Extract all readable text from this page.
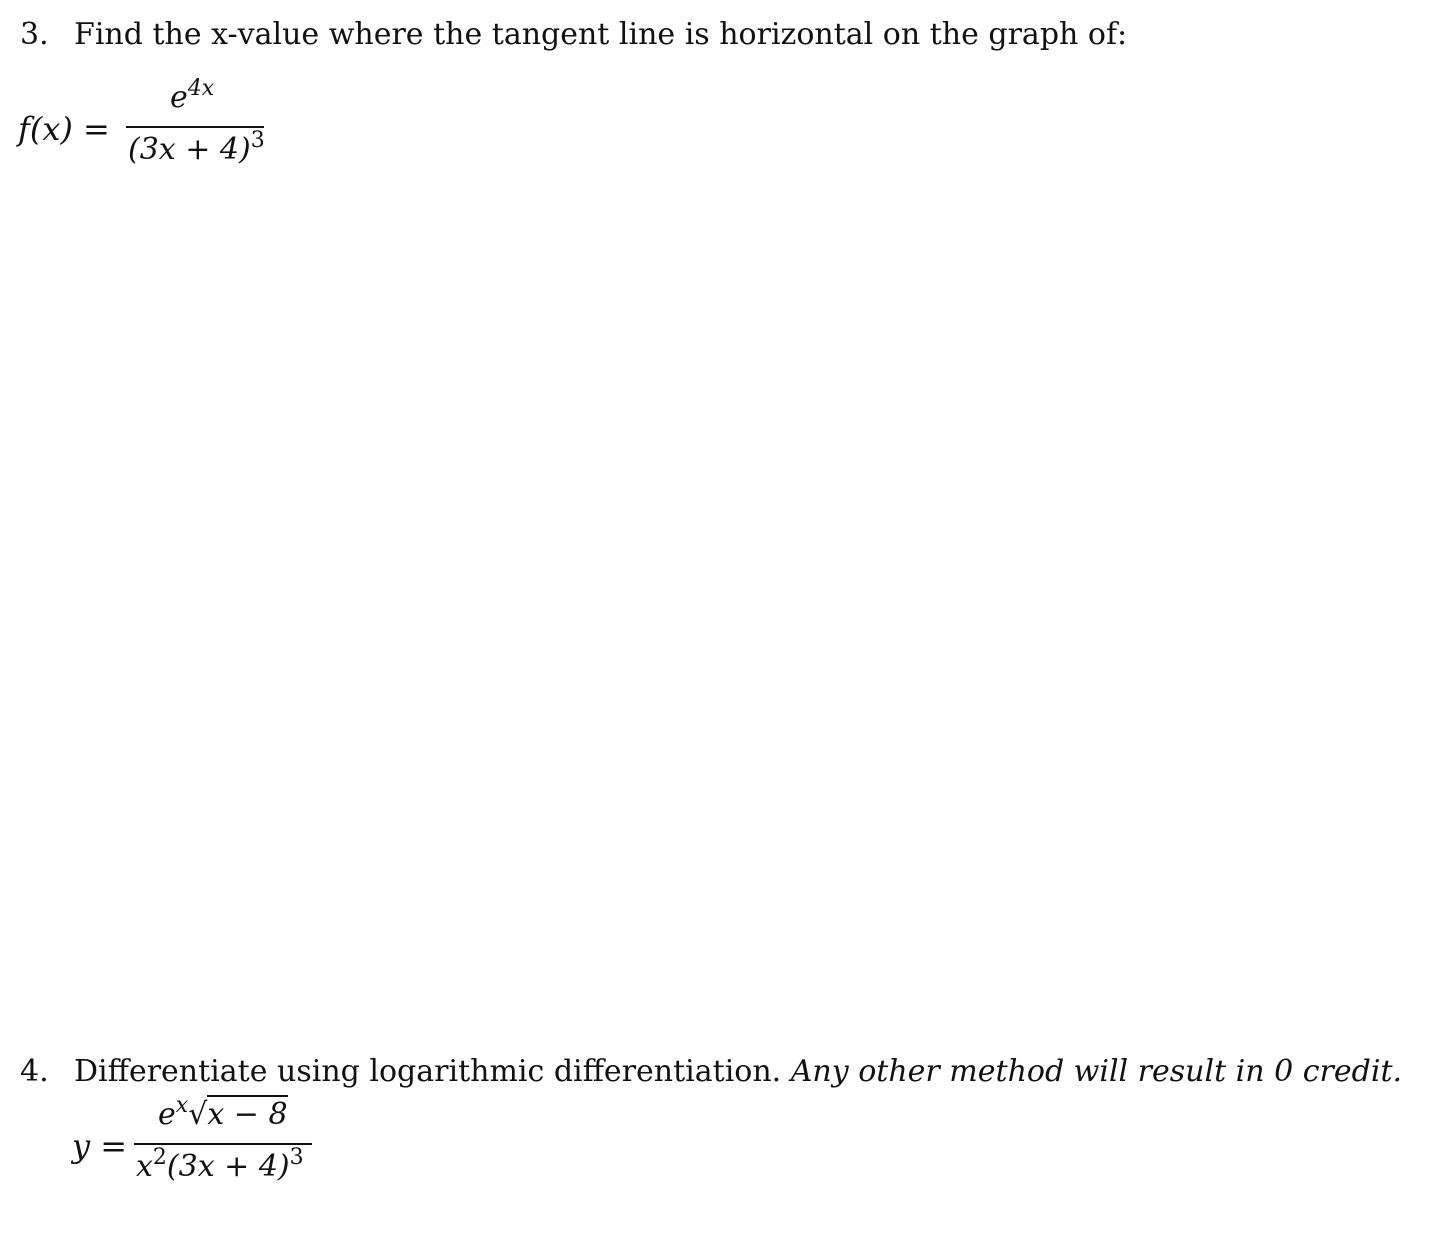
3. Find the x-value where the tangent line is horizontal on the graph of:
f(x) =
$e^{4x}$
$(3x + 4)^3$
4. Differentiate using logarithmic differentiation. Any other method will result in 0 credit.
y =
$e^x√x - 8$
$x^2(3x + 4)^3$
